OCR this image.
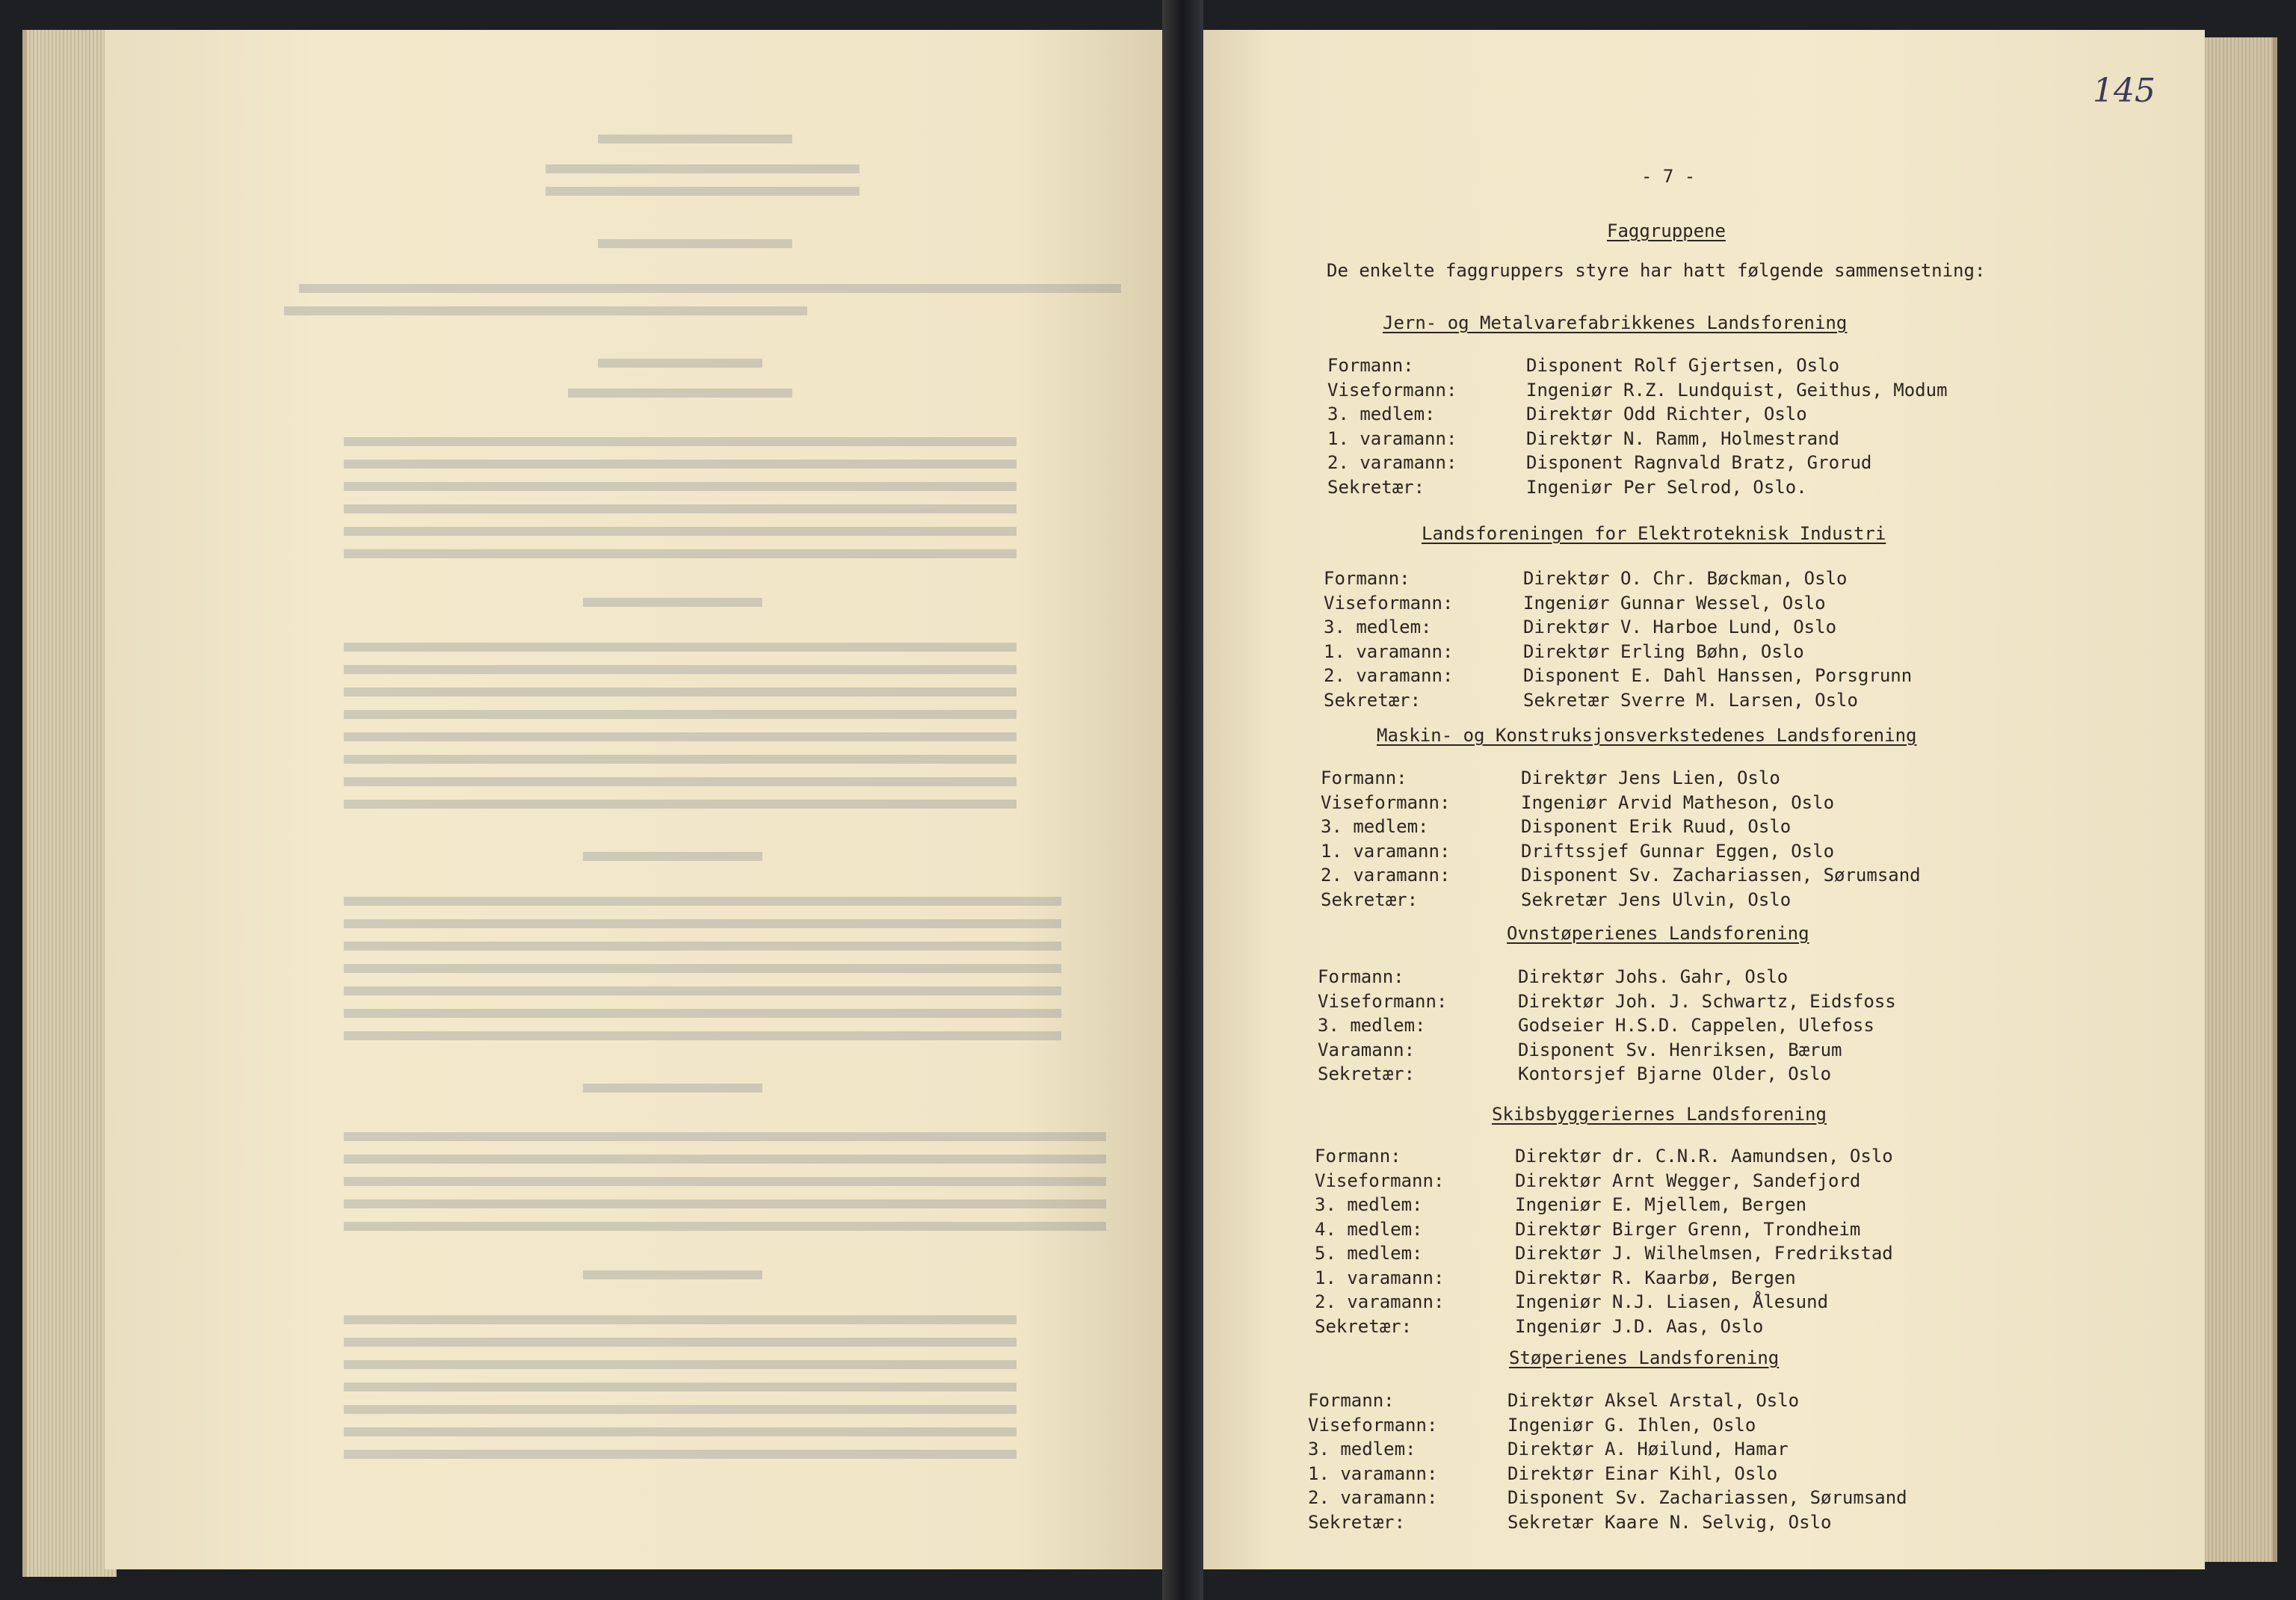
145
- 7 -
Faggruppene
De enkelte faggruppers styre har hatt følgende sammensetning:
Jern- og Metalvarefabrikkenes Landsforening
Formann:	Disponent Rolf Gjertsen, Oslo
Viseformann:	Ingeniør R.Z. Lundquist, Geithus, Modum
3. medlem:	Direktør Odd Richter, Oslo
1. varamann:	Direktør N. Ramm, Holmestrand
2. varamann:	Disponent Ragnvald Bratz, Grorud
Sekretær:	Ingeniør Per Selrod, Oslo.
Landsforeningen for Elektroteknisk Industri
Formann:	Direktør O. Chr. Bøckman, Oslo
Viseformann:	Ingeniør Gunnar Wessel, Oslo
3. medlem:	Direktør V. Harboe Lund, Oslo
1. varamann:	Direktør Erling Bøhn, Oslo
2. varamann:	Disponent E. Dahl Hanssen, Porsgrunn
Sekretær:	Sekretær Sverre M. Larsen, Oslo
Maskin- og Konstruksjonsverkstedenes Landsforening
Formann:	Direktør Jens Lien, Oslo
Viseformann:	Ingeniør Arvid Matheson, Oslo
3. medlem:	Disponent Erik Ruud, Oslo
1. varamann:	Driftssjef Gunnar Eggen, Oslo
2. varamann:	Disponent Sv. Zachariassen, Sørumsand
Sekretær:	Sekretær Jens Ulvin, Oslo
Ovnstøperienes Landsforening
Formann:	Direktør Johs. Gahr, Oslo
Viseformann:	Direktør Joh. J. Schwartz, Eidsfoss
3. medlem:	Godseier H.S.D. Cappelen, Ulefoss
Varamann:	Disponent Sv. Henriksen, Bærum
Sekretær:	Kontorsjef Bjarne Older, Oslo
Skibsbyggeriernes Landsforening
Formann:	Direktør dr. C.N.R. Aamundsen, Oslo
Viseformann:	Direktør Arnt Wegger, Sandefjord
3. medlem:	Ingeniør E. Mjellem, Bergen
4. medlem:	Direktør Birger Grenn, Trondheim
5. medlem:	Direktør J. Wilhelmsen, Fredrikstad
1. varamann:	Direktør R. Kaarbø, Bergen
2. varamann:	Ingeniør N.J. Liasen, Ålesund
Sekretær:	Ingeniør J.D. Aas, Oslo
Støperienes Landsforening
Formann:	Direktør Aksel Arstal, Oslo
Viseformann:	Ingeniør G. Ihlen, Oslo
3. medlem:	Direktør A. Høilund, Hamar
1. varamann:	Direktør Einar Kihl, Oslo
2. varamann:	Disponent Sv. Zachariassen, Sørumsand
Sekretær:	Sekretær Kaare N. Selvig, Oslo
